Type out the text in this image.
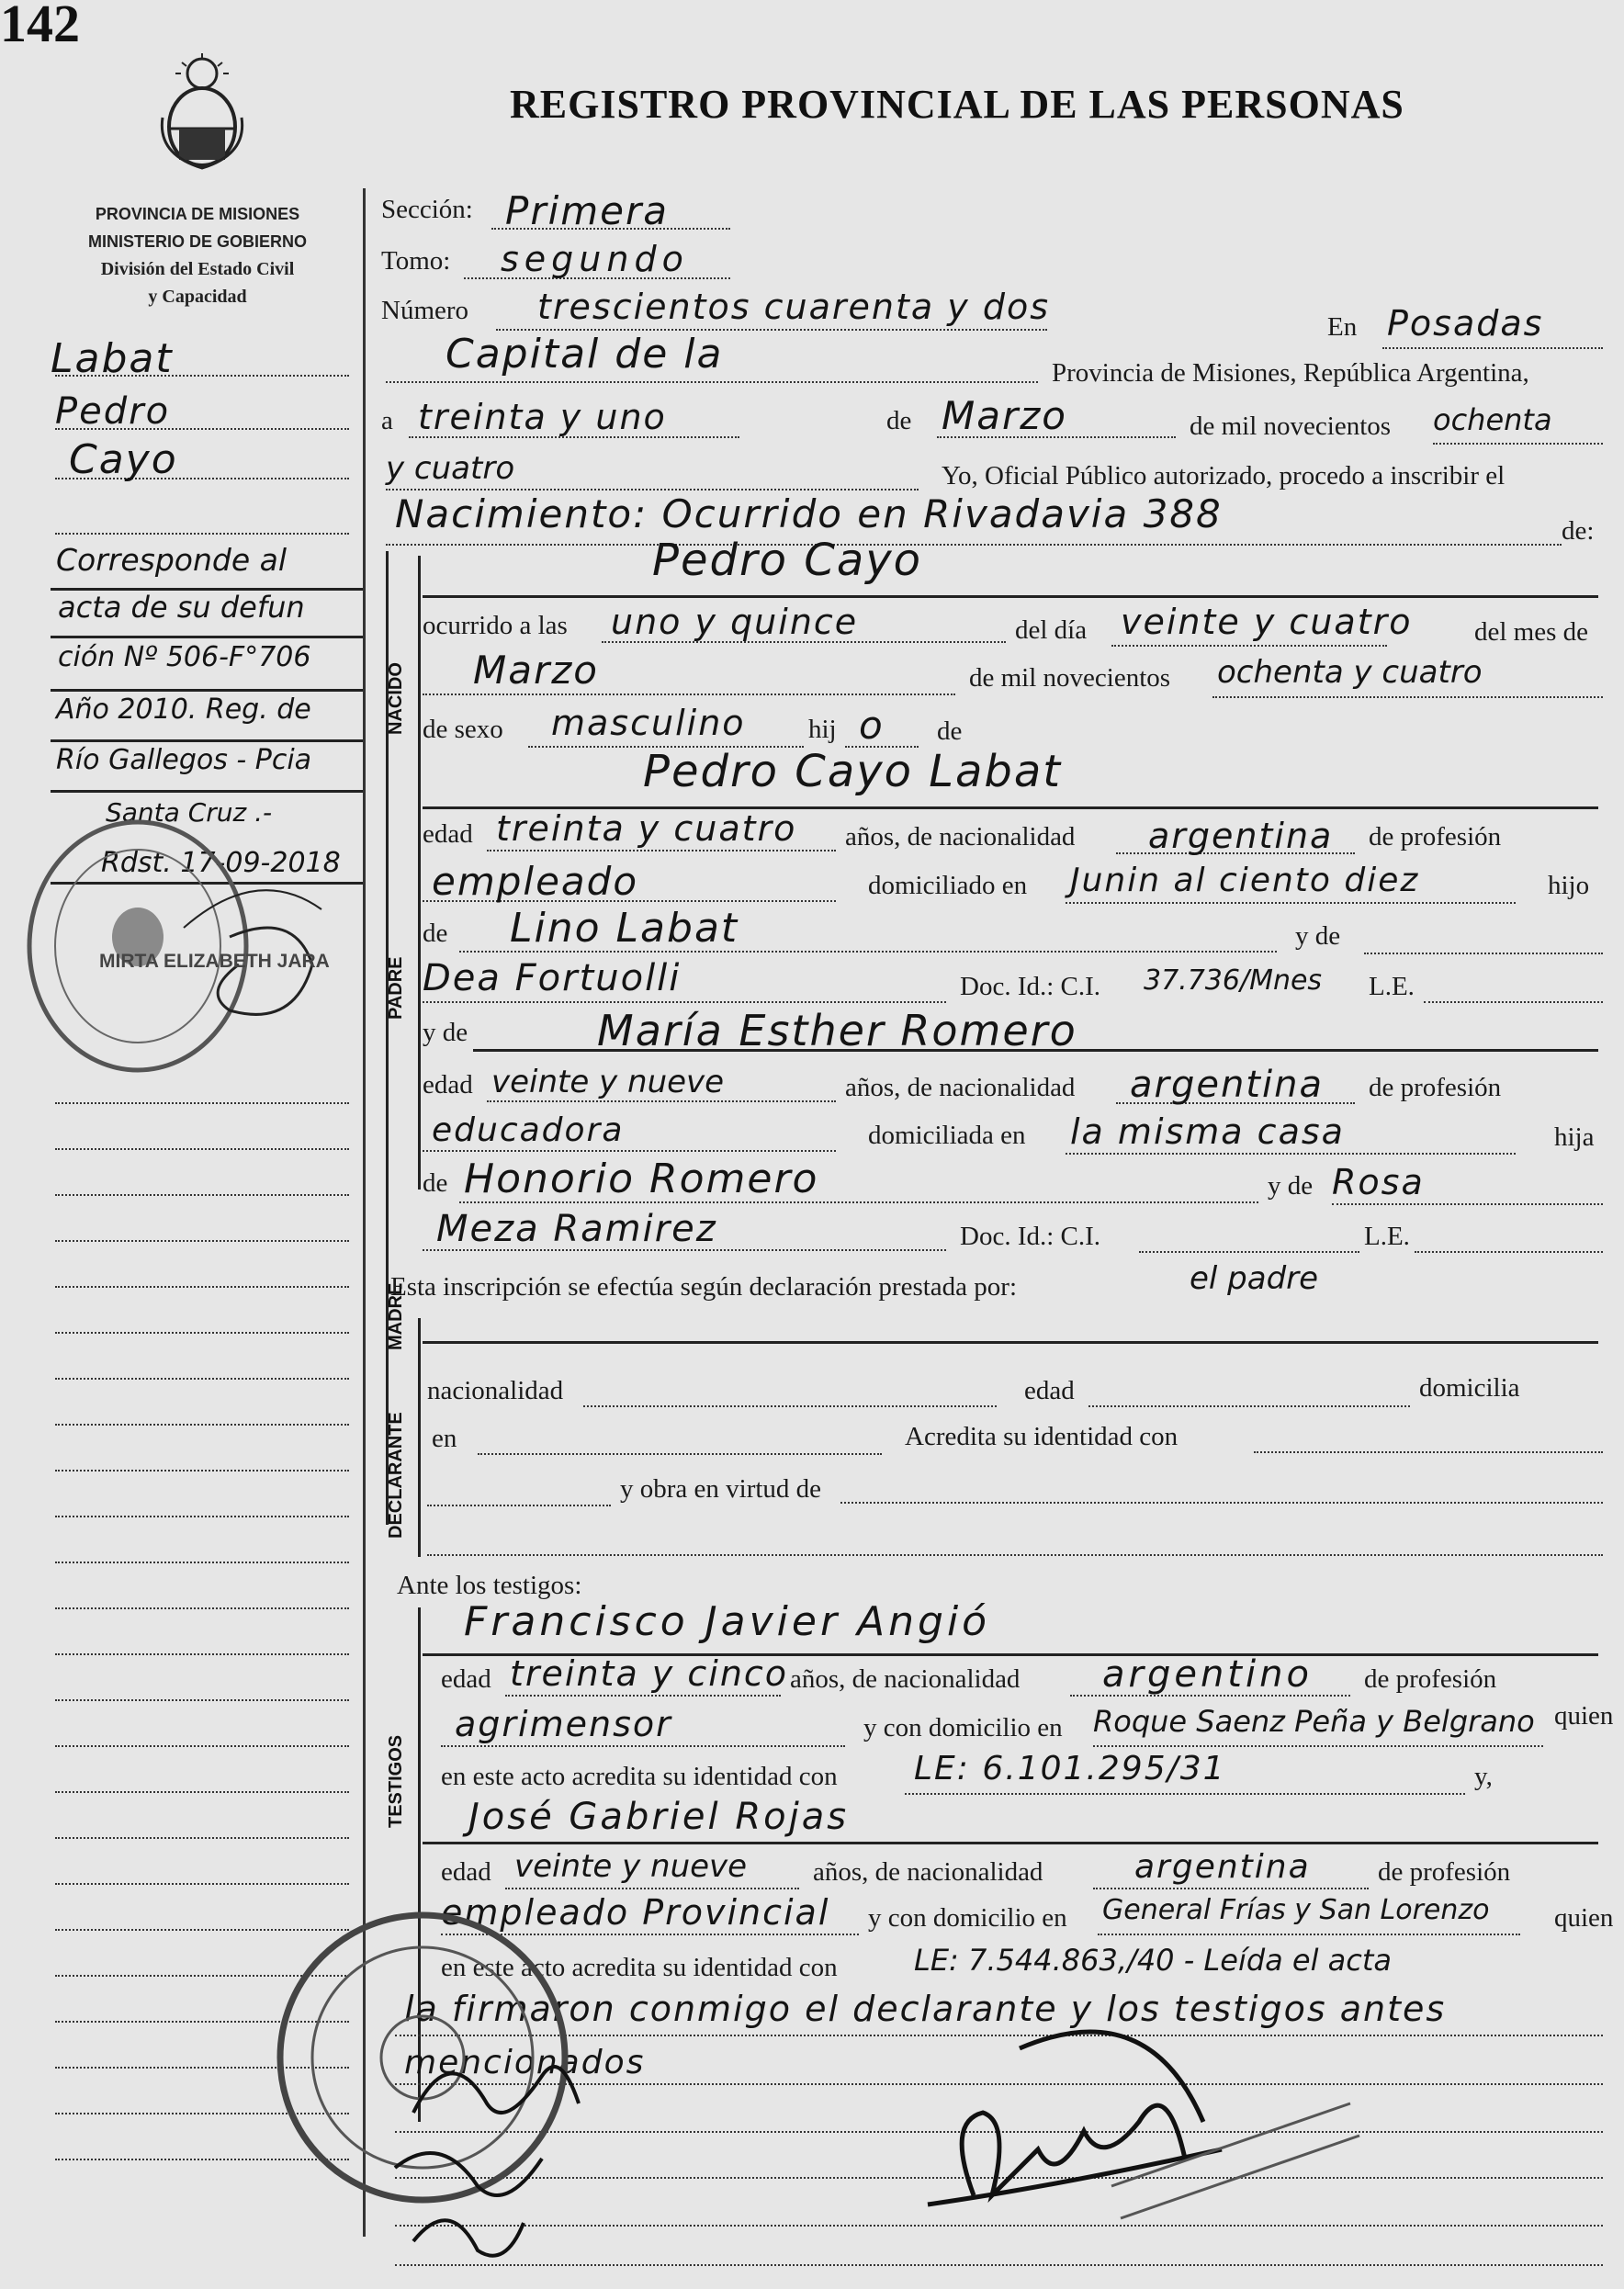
142
REGISTRO PROVINCIAL DE LAS PERSONAS
PROVINCIA DE MISIONES
MINISTERIO DE GOBIERNO
División del Estado Civil
y Capacidad
Labat
Pedro
Cayo
Corresponde al
acta de su defun
ción Nº 506-F°706
Año 2010. Reg. de
Río Gallegos - Pcia
Santa Cruz .-
Rdst. 17-09-2018
MIRTA ELIZABETH JARA
Sección: Primera
Tomo: segundo
Número trescientos cuarenta y dos	En Posadas
Capital de la	Provincia de Misiones, República Argentina,
a treinta y uno	de Marzo	de mil novecientos ochenta
y cuatro	Yo, Oficial Público autorizado, procedo a inscribir el
Nacimiento: Ocurrido en Rivadavia 388	de:
NACIDO
Pedro Cayo
ocurrido a las uno y quince	del día veinte y cuatro del mes de
Marzo	de mil novecientos ochenta y cuatro
de sexo masculino hij o de
PADRE
Pedro Cayo Labat
edad treinta y cuatro años, de nacionalidad argentina de profesión
empleado	domiciliado en Junin al ciento diez	hijo
de Lino Labat	y de
Dea Fortuolli	Doc. Id.: C.I. 37.736/Mnes L.E.
y de	María Esther Romero
MADRE
edad veinte y nueve	años, de nacionalidad argentina de profesión
educadora	domiciliada en la misma casa	hija
de Honorio Romero	y de Rosa
Meza Ramirez	Doc. Id.: C.I.	L.E.
Esta inscripción se efectúa según declaración prestada por:	el padre
DECLARANTE
nacionalidad	edad	domicilia
en	Acredita su identidad con
y obra en virtud de
Ante los testigos:
TESTIGOS
Francisco Javier Angió
edad treinta y cinco años, de nacionalidad argentino de profesión
agrimensor	y con domicilio en Roque Saenz Peña y Belgrano quien
en este acto acredita su identidad con LE: 6.101.295/31	y,
José Gabriel Rojas
edad veinte y nueve años, de nacionalidad	argentina	de profesión
empleado Provincial y con domicilio en General Frías y San Lorenzo quien
en este acto acredita su identidad con	LE: 7.544.863,/40 - Leída el acta
la firmaron conmigo el declarante y los testigos antes
mencionados
